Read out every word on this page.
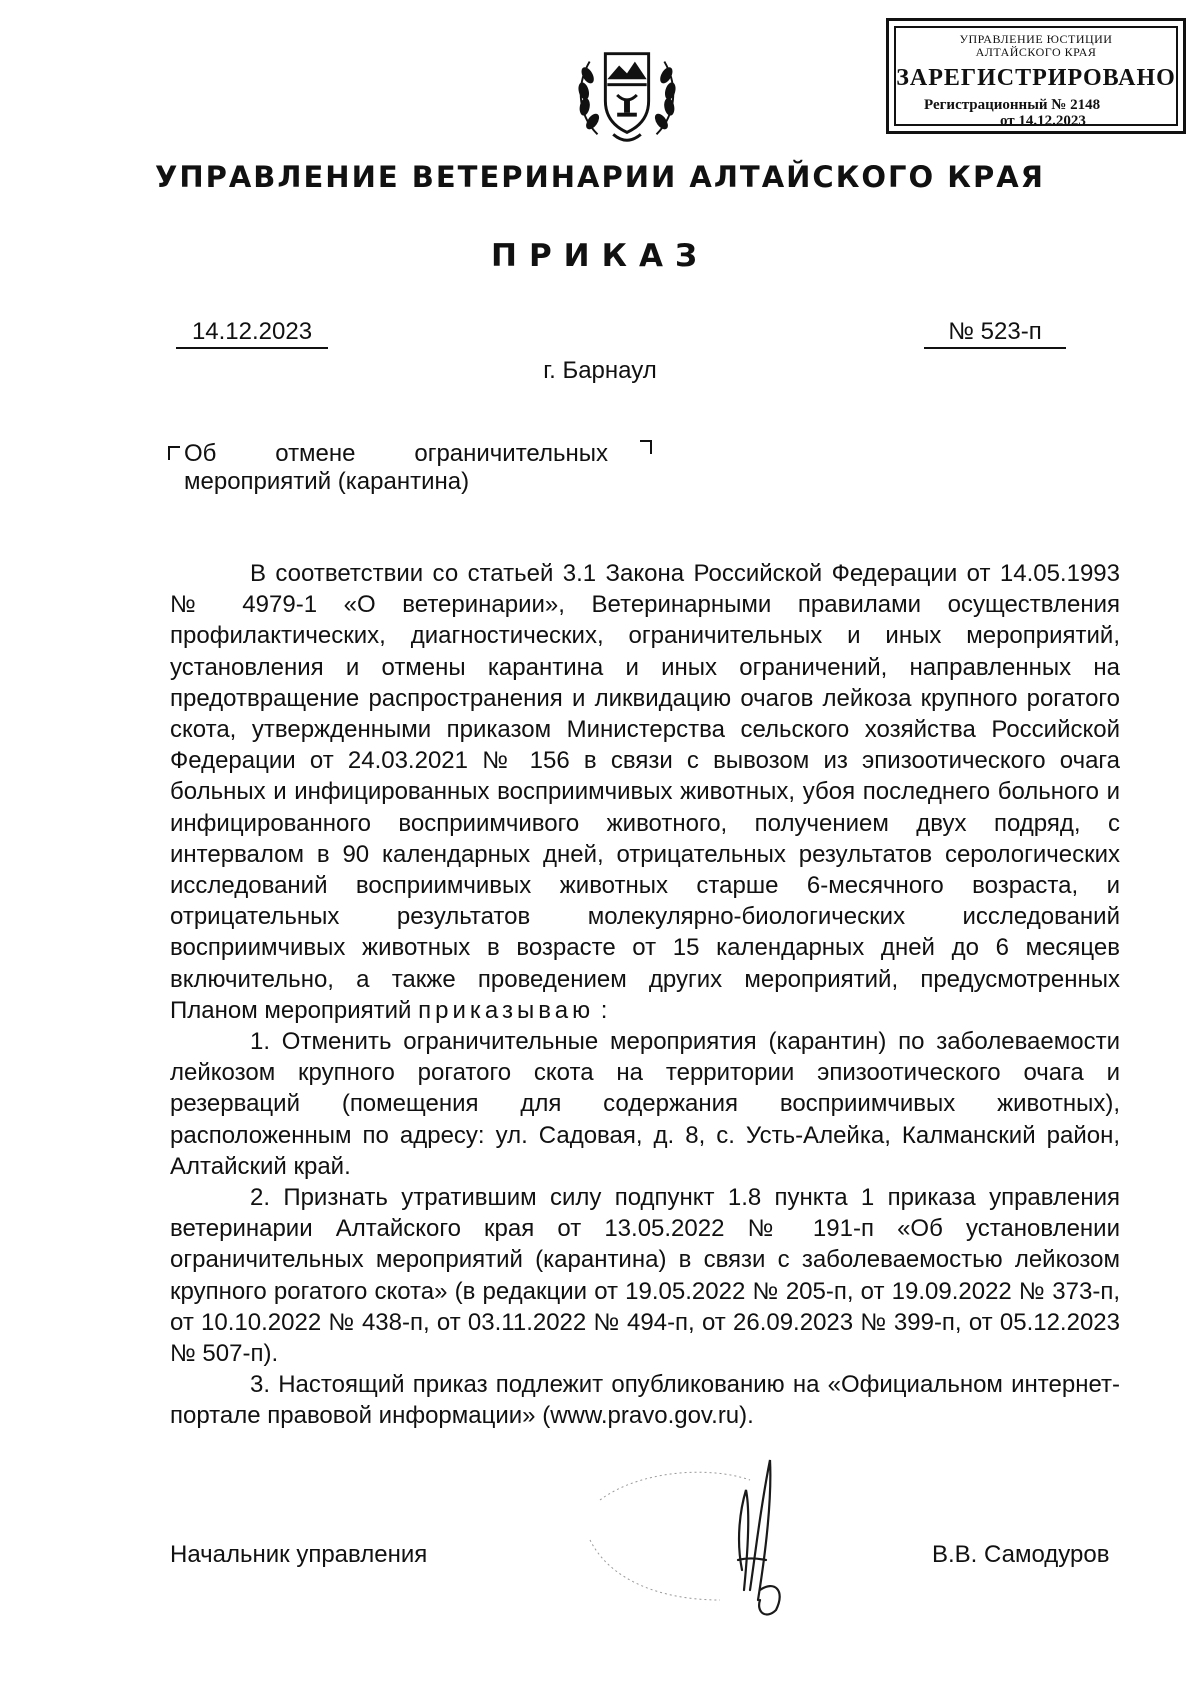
УПРАВЛЕНИЕ ЮСТИЦИИ
АЛТАЙСКОГО КРАЯ
ЗАРЕГИСТРИРОВАНО
Регистрационный № 2148
от 14.12.2023
УПРАВЛЕНИЕ ВЕТЕРИНАРИИ АЛТАЙСКОГО КРАЯ
ПРИКАЗ
14.12.2023	№ 523-п
г. Барнаул
Об отмене ограничительных мероприятий (карантина)

В соответствии со статьей 3.1 Закона Российской Федерации от 14.05.1993 № 4979-1 «О ветеринарии», Ветеринарными правилами осуществления профилактических, диагностических, ограничительных и иных мероприятий, установления и отмены карантина и иных ограничений, направленных на предотвращение распространения и ликвидацию очагов лейкоза крупного рогатого скота, утвержденными приказом Министерства сельского хозяйства Российской Федерации от 24.03.2021 № 156 в связи с вывозом из эпизоотического очага больных и инфицированных восприимчивых животных, убоя последнего больного и инфицированного восприимчивого животного, получением двух подряд, с интервалом в 90 календарных дней, отрицательных результатов серологических исследований восприимчивых животных старше 6-месячного возраста, и отрицательных результатов молекулярно-биологических исследований восприимчивых животных в возрасте от 15 календарных дней до 6 месяцев включительно, а также проведением других мероприятий, предусмотренных Планом мероприятий приказываю :

1. Отменить ограничительные мероприятия (карантин) по заболеваемости лейкозом крупного рогатого скота на территории эпизоотического очага и резерваций (помещения для содержания восприимчивых животных), расположенным по адресу: ул. Садовая, д. 8, с. Усть-Алейка, Калманский район, Алтайский край.

2. Признать утратившим силу подпункт 1.8 пункта 1 приказа управления ветеринарии Алтайского края от 13.05.2022 № 191-п «Об установлении ограничительных мероприятий (карантина) в связи с заболеваемостью лейкозом крупного рогатого скота» (в редакции от 19.05.2022 № 205-п, от 19.09.2022 № 373-п, от 10.10.2022 № 438-п, от 03.11.2022 № 494-п, от 26.09.2023 № 399-п, от 05.12.2023 № 507-п).

3. Настоящий приказ подлежит опубликованию на «Официальном интернет-портале правовой информации» (www.pravo.gov.ru).

Начальник управления	В.В. Самодуров
